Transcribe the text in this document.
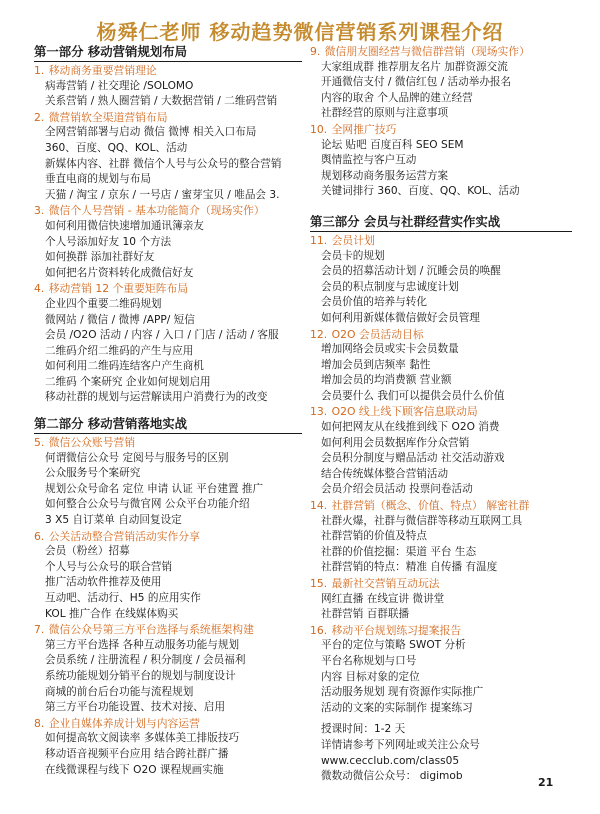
杨舜仁老师 移动趋势微信营销系列课程介绍
第一部分 移动营销规划布局
1. 移动商务重要营销理论
病毒营销 / 社交理论 /SOLOMO
关系营销 / 熟人圈营销 / 大数据营销 / 二维码营销
2. 微营销软全渠道营销布局
全网营销部署与启动 微信 微博 相关入口布局
360、百度、QQ、KOL、活动
新媒体内容、社群 微信个人号与公众号的整合营销
垂直电商的规划与布局
天猫 / 淘宝 / 京东 / 一号店 / 蜜芽宝贝 / 唯品会 3.
3. 微信个人号营销 - 基本功能简介（现场实作）
如何利用微信快速增加通讯簿亲友
个人号添加好友 10 个方法
如何换群 添加社群好友
如何把名片资料转化成微信好友
4. 移动营销 12 个重要矩阵布局
企业四个重要二维码规划
微网站 / 微信 / 微博 /APP/ 短信
会员 /O2O 活动 / 内容 / 入口 / 门店 / 活动 / 客服
二维码介绍二维码的产生与应用
如何利用二维码连结客户产生商机
二维码 个案研究 企业如何规划启用
移动社群的规划与运营解读用户消费行为的改变
第二部分 移动营销落地实战
5. 微信公众账号营销
何谓微信公众号 定阅号与服务号的区别
公众服务号个案研究
规划公众号命名 定位 申请 认证 平台建置 推广
如何整合公众号与微官网 公众平台功能介绍
3 X5 自订菜单 自动回复设定
6. 公关活动整合营销活动实作分享
会员（粉丝）招募
个人号与公众号的联合营销
推广活动软件推荐及使用
互动吧、活动行、H5 的应用实作
KOL 推广合作 在线媒体购买
7. 微信公众号第三方平台选择与系统框架构建
第三方平台选择 各种互动服务功能与规划
会员系统 / 注册流程 / 积分制度 / 会员福利
系统功能规划分销平台的规划与制度设计
商城的前台后台功能与流程规划
第三方平台功能设置、技术对接、启用
8. 企业自媒体养成计划与内容运营
如何提高软文阅读率 多媒体美工排版技巧
移动语音视频平台应用 结合跨社群广播
在线微课程与线下 O2O 课程规画实施
9. 微信朋友圈经营与微信群营销（现场实作）
大家组成群 推荐朋友名片 加群资源交流
开通微信支付 / 微信红包 / 活动举办报名
内容的取舍 个人品牌的建立经营
社群经营的原则与注意事项
10. 全网推广技巧
论坛 贴吧 百度百科 SEO SEM
舆情监控与客户互动
规划移动商务服务运营方案
关键词排行 360、百度、QQ、KOL、活动
第三部分 会员与社群经营实作实战
11. 会员计划
会员卡的规划
会员的招募活动计划 / 沉睡会员的唤醒
会员的积点制度与忠诚度计划
会员价值的培养与转化
如何利用新媒体微信做好会员管理
12. O2O 会员活动目标
增加网络会员或实卡会员数量
增加会员到店频率 黏性
增加会员的均消费额 营业额
会员要什么 我们可以提供会员什么价值
13. O2O 线上线下顾客信息联动局
如何把网友从在线推到线下 O2O 消费
如何利用会员数据库作分众营销
会员积分制度与赠品活动 社交活动游戏
结合传统媒体整合营销活动
会员介绍会员活动 投票问卷活动
14. 社群营销（概念、价值、特点） 解密社群
社群火爆，社群与微信群等移动互联网工具
社群营销的价值及特点
社群的价值挖掘：渠道 平台 生态
社群营销的特点：精准 自传播 有温度
15. 最新社交营销互动玩法
网红直播 在线宣讲 微讲堂
社群营销 百群联播
16. 移动平台规划练习提案报告
平台的定位与策略 SWOT 分析
平台名称规划与口号
内容 目标对象的定位
活动服务规划 现有资源作实际推广
活动的文案的实际制作 提案练习
授课时间：1-2 天
详情请参考下列网址或关注公众号
www.cecclub.com/class05
微数动微信公众号： digimob	21
